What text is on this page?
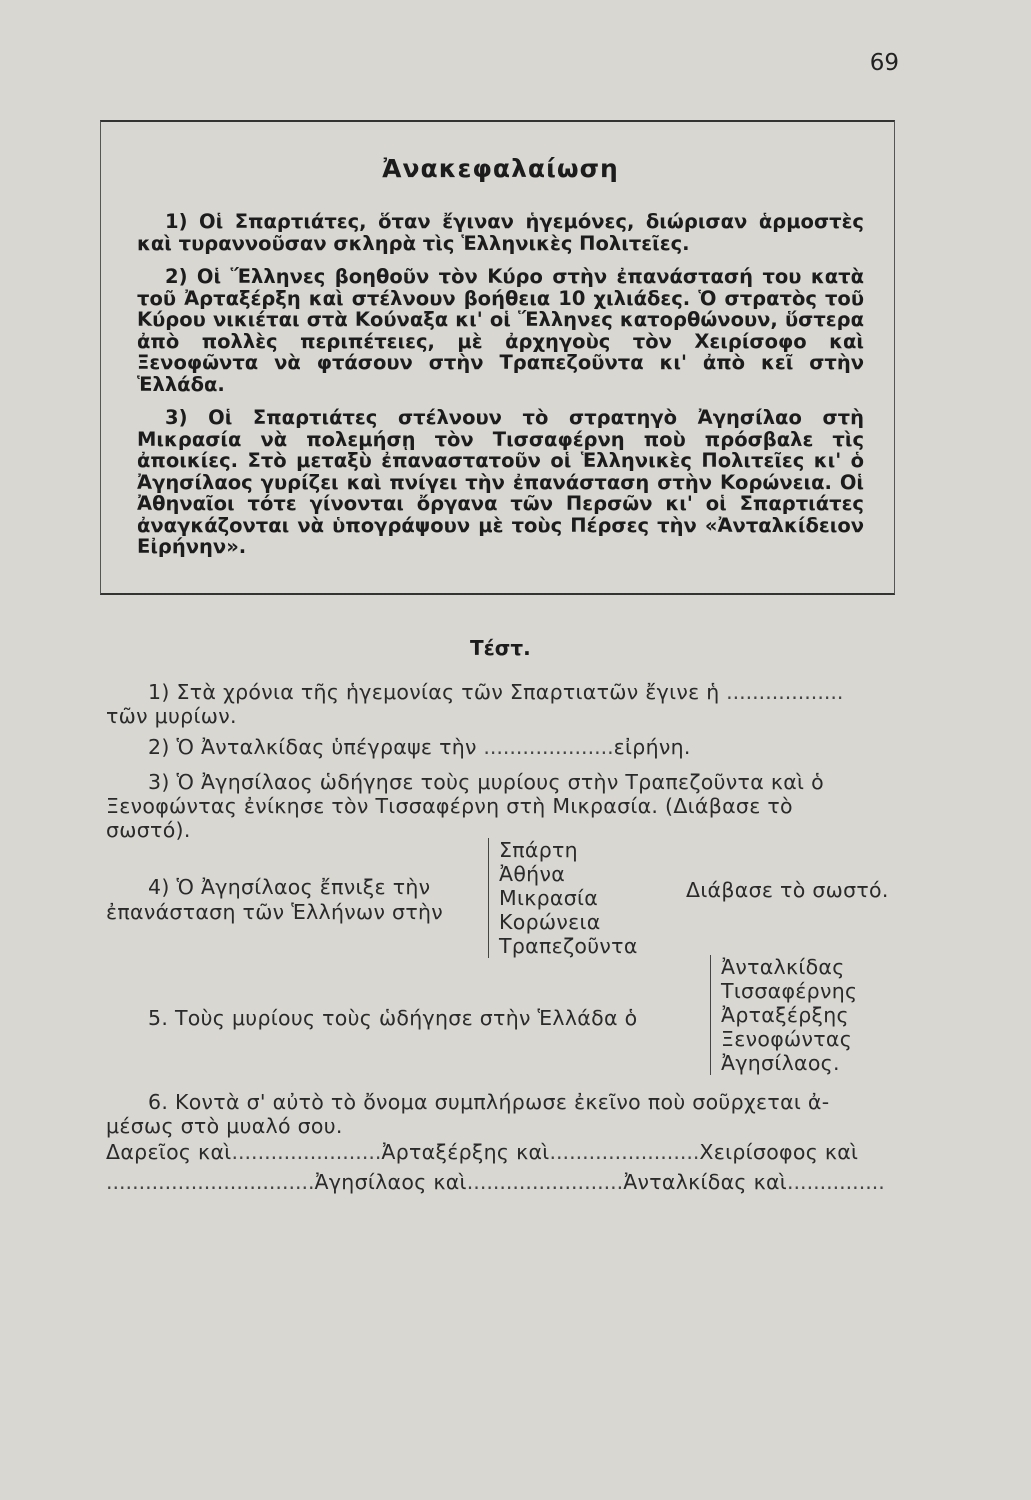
69
Ἀνακεφαλαίωση

1) Οἱ Σπαρτιάτες, ὅταν ἔγιναν ἡγεμόνες, διώρισαν ἁρμοστὲς καὶ τυραννοῦσαν σκληρὰ τὶς Ἑλληνικὲς Πολιτεῖες.

2) Οἱ Ἕλληνες βοηθοῦν τὸν Κύρο στὴν ἐπανάστασή του κατὰ τοῦ Ἀρταξέρξη καὶ στέλνουν βοήθεια 10 χιλιάδες. Ὁ στρατὸς τοῦ Κύρου νικιέται στὰ Κούναξα κι' οἱ Ἕλληνες κατορθώνουν, ὕστερα ἀπὸ πολλὲς περιπέτειες, μὲ ἀρχηγοὺς τὸν Χειρίσοφο καὶ Ξενοφῶντα νὰ φτάσουν στὴν Τραπεζοῦντα κι' ἀπὸ κεῖ στὴν Ἑλλάδα.

3) Οἱ Σπαρτιάτες στέλνουν τὸ στρατηγὸ Ἀγησίλαο στὴ Μικρασία νὰ πολεμήσῃ τὸν Τισσαφέρνη ποὺ πρόσβαλε τὶς ἀποικίες. Στὸ μεταξὺ ἐπαναστατοῦν οἱ Ἑλληνικὲς Πολιτεῖες κι' ὁ Ἀγησίλαος γυρίζει καὶ πνίγει τὴν ἐπανάσταση στὴν Κορώνεια. Οἱ Ἀθηναῖοι τότε γίνονται ὄργανα τῶν Περσῶν κι' οἱ Σπαρτιάτες ἀναγκάζονται νὰ ὑπογράψουν μὲ τοὺς Πέρσες τὴν «Ἀνταλκίδειον Εἰρήνην».

Τέστ.
1) Στὰ χρόνια τῆς ἡγεμονίας τῶν Σπαρτιατῶν ἔγινε ἡ ..................
τῶν μυρίων.
2) Ὁ Ἀνταλκίδας ὑπέγραψε τὴν ....................εἰρήνη.
3) Ὁ Ἀγησίλαος ὡδήγησε τοὺς μυρίους στὴν Τραπεζοῦντα καὶ ὁ
Ξενοφώντας ἐνίκησε τὸν Τισσαφέρνη στὴ Μικρασία. (Διάβασε τὸ
σωστό).
4) Ὁ Ἀγησίλαος ἔπνιξε τὴν
ἐπανάσταση τῶν Ἑλλήνων στὴν
Σπάρτη
Ἀθήνα
Μικρασία
Κορώνεια
Τραπεζοῦντα
Διάβασε τὸ σωστό.
5. Τοὺς μυρίους τοὺς ὡδήγησε στὴν Ἑλλάδα ὁ
Ἀνταλκίδας
Τισσαφέρνης
Ἀρταξέρξης
Ξενοφώντας
Ἀγησίλαος.
6. Κοντὰ σ' αὐτὸ τὸ ὄνομα συμπλήρωσε ἐκεῖνο ποὺ σοῦρχεται ἀ-
μέσως στὸ μυαλό σου.
Δαρεῖος καὶ.......................Ἀρταξέρξης καὶ.......................Χειρίσοφος καὶ
................................Ἀγησίλαος καὶ........................Ἀνταλκίδας καὶ...............
